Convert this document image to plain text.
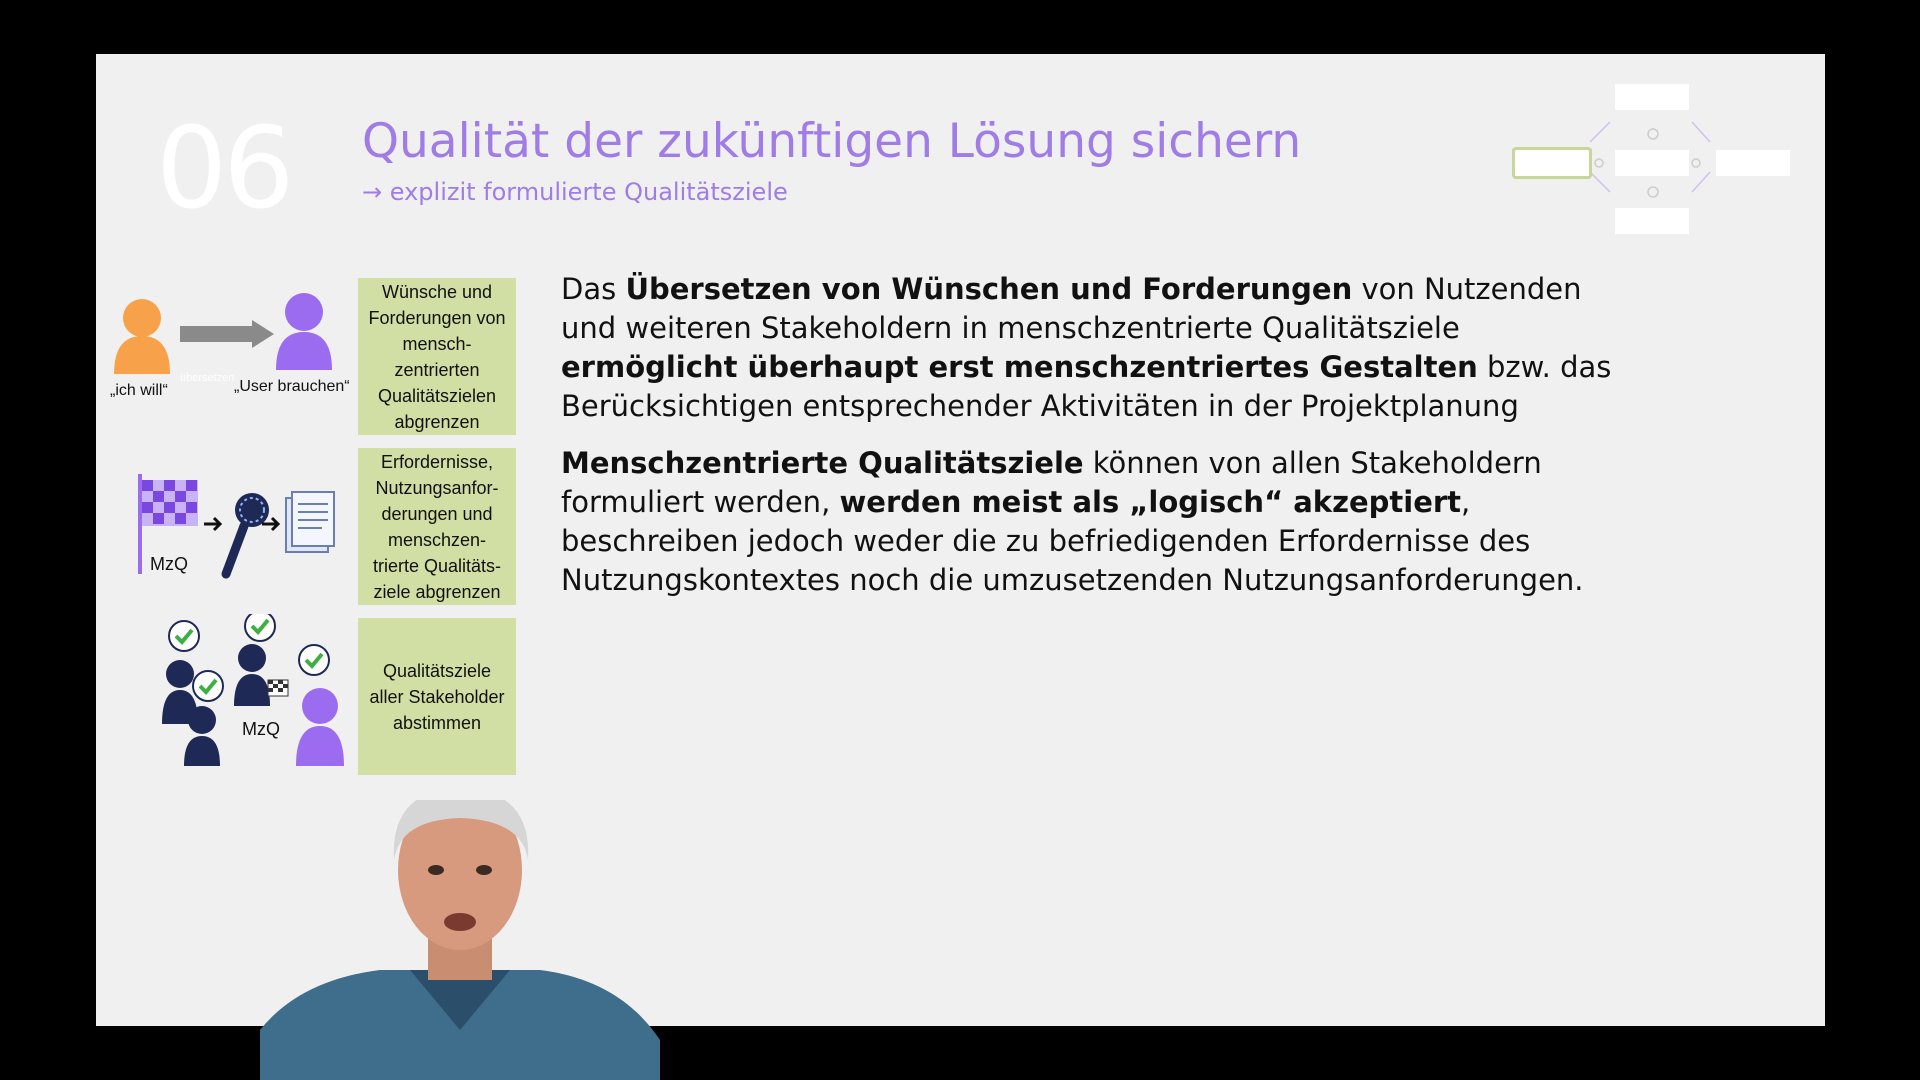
06 Qualität der zukünftigen Lösung sichern
→ explizit formulierte Qualitätsziele
übersetzen
„ich will“	„User brauchen“
Wünsche und
Forderungen von
mensch-
zentrierten
Qualitätszielen
abgrenzen
MzQ
Erfordernisse,
Nutzungsanfor-
derungen und
menschzen-
trierte Qualitäts-
ziele abgrenzen
MzQ
Qualitätsziele
aller Stakeholder
abstimmen
Das Übersetzen von Wünschen und Forderungen von Nutzenden und weiteren Stakeholdern in menschzentrierte Qualitätsziele ermöglicht überhaupt erst menschzentriertes Gestalten bzw. das Berücksichtigen entsprechender Aktivitäten in der Projektplanung
Menschzentrierte Qualitätsziele können von allen Stakeholdern formuliert werden, werden meist als „logisch“ akzeptiert, beschreiben jedoch weder die zu befriedigenden Erfordernisse des Nutzungskontextes noch die umzusetzenden Nutzungsanforderungen.
